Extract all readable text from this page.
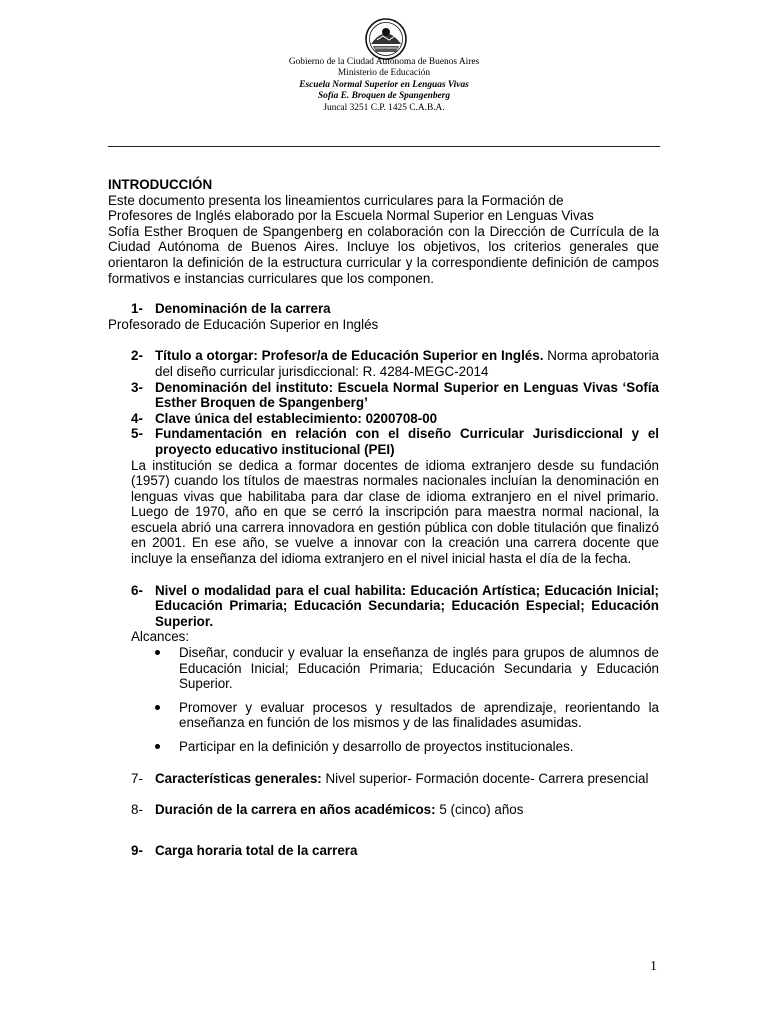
Gobierno de la Ciudad Autónoma de Buenos Aires
Ministerio de Educación
Escuela Normal Superior en Lenguas Vivas
Sofía E. Broquen de Spangenberg
Juncal 3251 C.P. 1425 C.A.B.A.

INTRODUCCIÓN

Este documento presenta los lineamientos curriculares para la Formación de

Profesores de Inglés elaborado por la Escuela Normal Superior en Lenguas Vivas

Sofía Esther Broquen de Spangenberg en colaboración con la Dirección de Currícula de la Ciudad Autónoma de Buenos Aires. Incluye los objetivos, los criterios generales que orientaron la definición de la estructura curricular y la correspondiente definición de campos formativos e instancias curriculares que los componen.

1- Denominación de la carrera

Profesorado de Educación Superior en Inglés

2- Título a otorgar: Profesor/a de Educación Superior en Inglés. Norma aprobatoria del diseño curricular jurisdiccional: R. 4284-MEGC-2014
3- Denominación del instituto: Escuela Normal Superior en Lenguas Vivas ‘Sofía Esther Broquen de Spangenberg’
4- Clave única del establecimiento: 0200708-00
5- Fundamentación en relación con el diseño Curricular Jurisdiccional y el proyecto educativo institucional (PEI)

La institución se dedica a formar docentes de idioma extranjero desde su fundación (1957) cuando los títulos de maestras normales nacionales incluían la denominación en lenguas vivas que habilitaba para dar clase de idioma extranjero en el nivel primario. Luego de 1970, año en que se cerró la inscripción para maestra normal nacional, la escuela abrió una carrera innovadora en gestión pública con doble titulación que finalizó en 2001. En ese año, se vuelve a innovar con la creación una carrera docente que incluye la enseñanza del idioma extranjero en el nivel inicial hasta el día de la fecha.

6- Nivel o modalidad para el cual habilita: Educación Artística; Educación Inicial; Educación Primaria; Educación Secundaria; Educación Especial; Educación Superior.

Alcances:

Diseñar, conducir y evaluar la enseñanza de inglés para grupos de alumnos de Educación Inicial; Educación Primaria; Educación Secundaria y Educación Superior.
Promover y evaluar procesos y resultados de aprendizaje, reorientando la enseñanza en función de los mismos y de las finalidades asumidas.
Participar en la definición y desarrollo de proyectos institucionales.
7- Características generales: Nivel superior- Formación docente- Carrera presencial
8- Duración de la carrera en años académicos: 5 (cinco) años
9- Carga horaria total de la carrera
1
